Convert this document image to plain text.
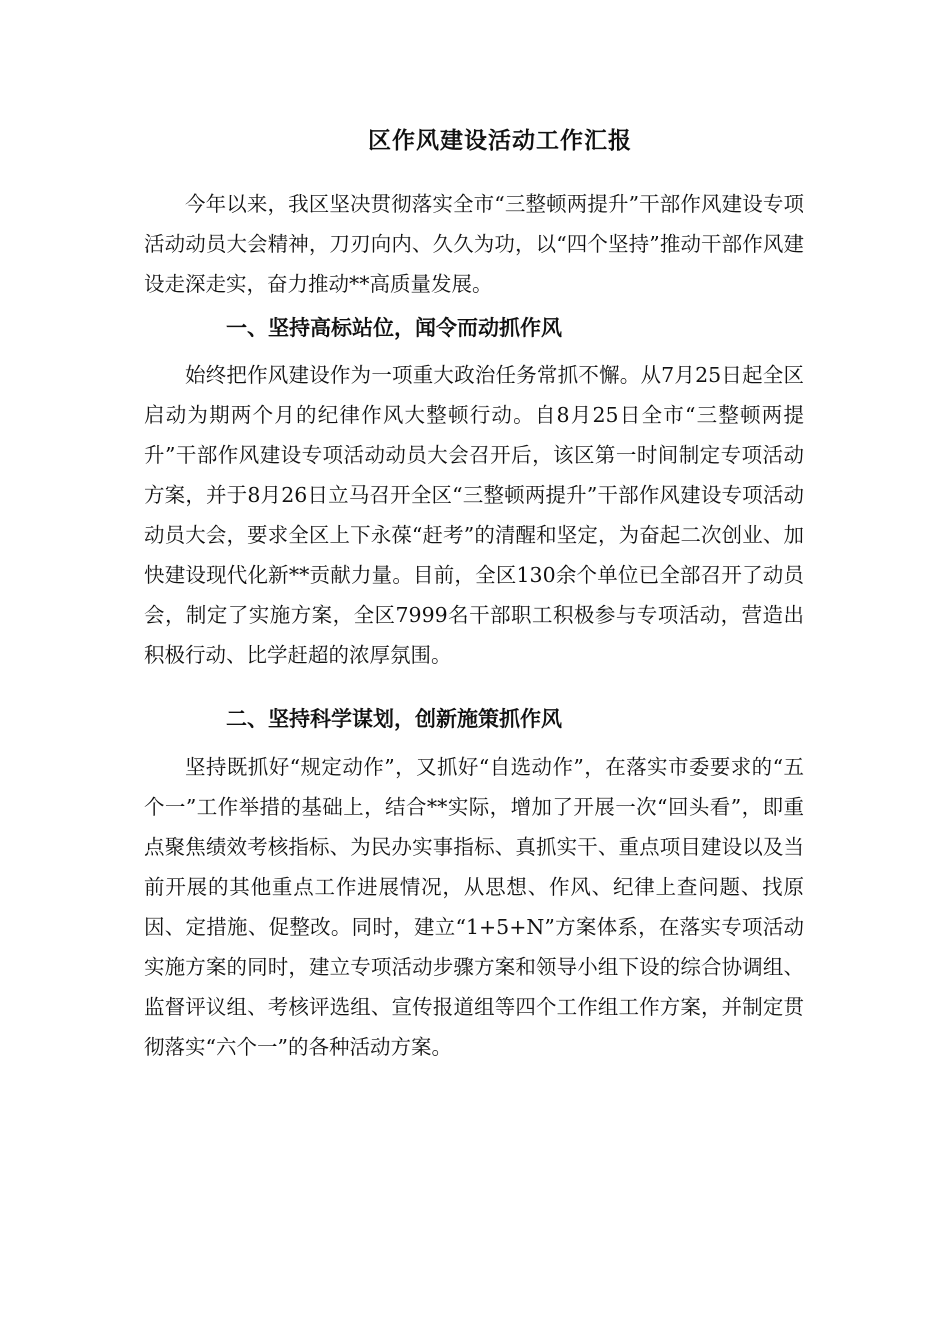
区作风建设活动工作汇报

今年以来，我区坚决贯彻落实全市“三整顿两提升”干部作风建设专项活动动员大会精神，刀刃向内、久久为功，以“四个坚持”推动干部作风建设走深走实，奋力推动**高质量发展。

一、坚持高标站位，闻令而动抓作风

始终把作风建设作为一项重大政治任务常抓不懈。从7月25日起全区启动为期两个月的纪律作风大整顿行动。自8月25日全市“三整顿两提升”干部作风建设专项活动动员大会召开后，该区第一时间制定专项活动方案，并于8月26日立马召开全区“三整顿两提升”干部作风建设专项活动动员大会，要求全区上下永葆“赶考”的清醒和坚定，为奋起二次创业、加快建设现代化新**贡献力量。目前，全区130余个单位已全部召开了动员会，制定了实施方案，全区7999名干部职工积极参与专项活动，营造出积极行动、比学赶超的浓厚氛围。

二、坚持科学谋划，创新施策抓作风

坚持既抓好“规定动作”，又抓好“自选动作”，在落实市委要求的“五个一”工作举措的基础上，结合**实际，增加了开展一次“回头看”，即重点聚焦绩效考核指标、为民办实事指标、真抓实干、重点项目建设以及当前开展的其他重点工作进展情况，从思想、作风、纪律上查问题、找原因、定措施、促整改。同时，建立“1+5+N”方案体系，在落实专项活动实施方案的同时，建立专项活动步骤方案和领导小组下设的综合协调组、监督评议组、考核评选组、宣传报道组等四个工作组工作方案，并制定贯彻落实“六个一”的各种活动方案。
